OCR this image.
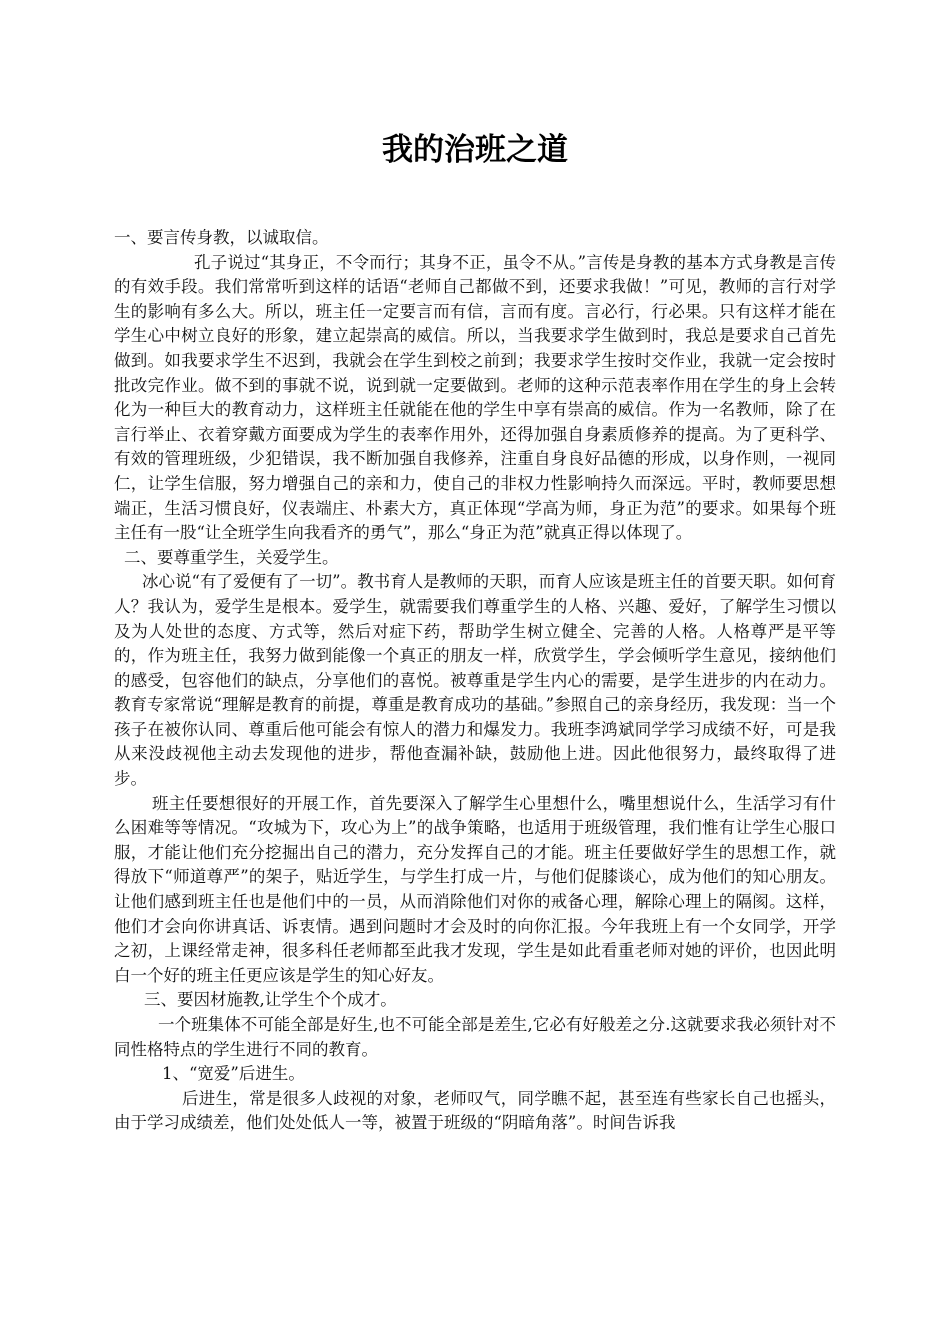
我的治班之道

一、要言传身教，以诚取信。

孔子说过“其身正，不令而行；其身不正，虽令不从。”言传是身教的基本方式身教是言传的有效手段。我们常常听到这样的话语“老师自己都做不到，还要求我做！”可见，教师的言行对学生的影响有多么大。所以，班主任一定要言而有信，言而有度。言必行，行必果。只有这样才能在学生心中树立良好的形象，建立起崇高的威信。所以，当我要求学生做到时，我总是要求自己首先做到。如我要求学生不迟到，我就会在学生到校之前到；我要求学生按时交作业，我就一定会按时批改完作业。做不到的事就不说，说到就一定要做到。老师的这种示范表率作用在学生的身上会转化为一种巨大的教育动力，这样班主任就能在他的学生中享有崇高的威信。作为一名教师，除了在言行举止、衣着穿戴方面要成为学生的表率作用外，还得加强自身素质修养的提高。为了更科学、有效的管理班级，少犯错误，我不断加强自我修养，注重自身良好品德的形成，以身作则，一视同仁，让学生信服，努力增强自己的亲和力，使自己的非权力性影响持久而深远。平时，教师要思想端正，生活习惯良好，仪表端庄、朴素大方，真正体现“学高为师，身正为范”的要求。如果每个班主任有一股“让全班学生向我看齐的勇气”，那么“身正为范”就真正得以体现了。

二、要尊重学生，关爱学生。

冰心说“有了爱便有了一切”。教书育人是教师的天职，而育人应该是班主任的首要天职。如何育人？我认为，爱学生是根本。爱学生，就需要我们尊重学生的人格、兴趣、爱好，了解学生习惯以及为人处世的态度、方式等，然后对症下药，帮助学生树立健全、完善的人格。人格尊严是平等的，作为班主任，我努力做到能像一个真正的朋友一样，欣赏学生，学会倾听学生意见，接纳他们的感受，包容他们的缺点，分享他们的喜悦。被尊重是学生内心的需要，是学生进步的内在动力。教育专家常说“理解是教育的前提，尊重是教育成功的基础。”参照自己的亲身经历，我发现：当一个孩子在被你认同、尊重后他可能会有惊人的潜力和爆发力。我班李鸿斌同学学习成绩不好，可是我从来没歧视他主动去发现他的进步，帮他查漏补缺，鼓励他上进。因此他很努力，最终取得了进步。

班主任要想很好的开展工作，首先要深入了解学生心里想什么，嘴里想说什么，生活学习有什么困难等等情况。“攻城为下，攻心为上”的战争策略，也适用于班级管理，我们惟有让学生心服口服，才能让他们充分挖掘出自己的潜力，充分发挥自己的才能。班主任要做好学生的思想工作，就得放下“师道尊严”的架子，贴近学生，与学生打成一片，与他们促膝谈心，成为他们的知心朋友。让他们感到班主任也是他们中的一员，从而消除他们对你的戒备心理，解除心理上的隔阂。这样，他们才会向你讲真话、诉衷情。遇到问题时才会及时的向你汇报。今年我班上有一个女同学，开学之初，上课经常走神，很多科任老师都至此我才发现，学生是如此看重老师对她的评价，也因此明白一个好的班主任更应该是学生的知心好友。

三、要因材施教,让学生个个成才。

一个班集体不可能全部是好生,也不可能全部是差生,它必有好般差之分.这就要求我必须针对不同性格特点的学生进行不同的教育。

1、“宽爱”后进生。

后进生，常是很多人歧视的对象，老师叹气，同学瞧不起，甚至连有些家长自己也摇头，由于学习成绩差，他们处处低人一等，被置于班级的“阴暗角落”。时间告诉我
